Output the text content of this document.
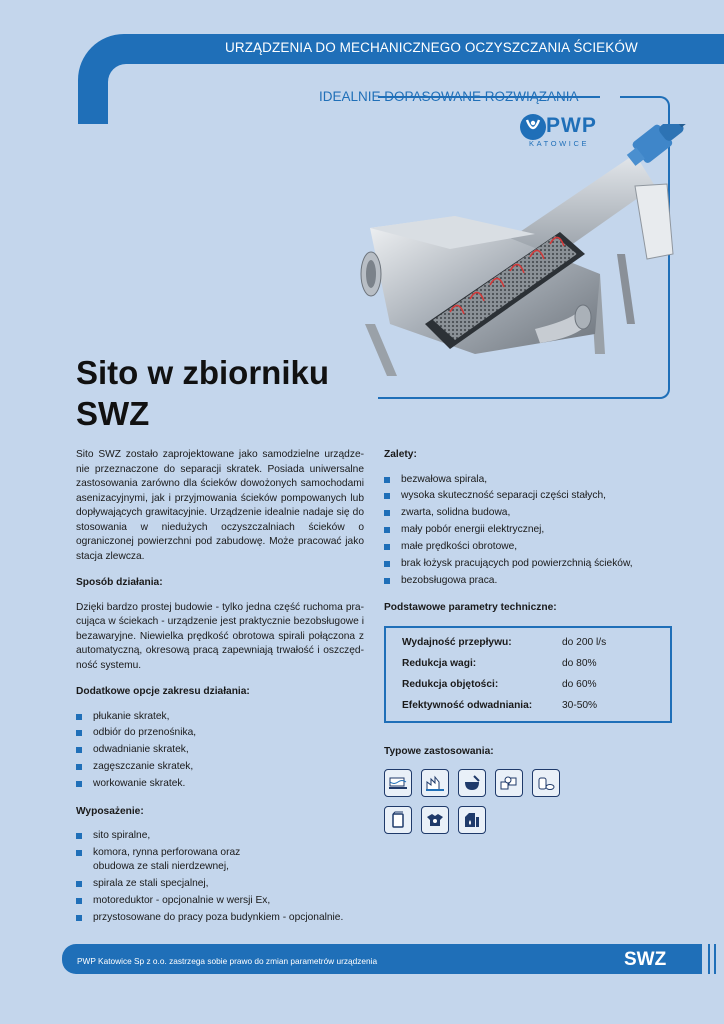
URZĄDZENIA DO MECHANICZNEGO OCZYSZCZANIA ŚCIEKÓW
IDEALNIE DOPASOWANE ROZWIĄZANIA
PWP
KATOWICE
Sito w zbiorniku
SWZ

Sito SWZ zostało zaprojektowane jako samodzielne urządze-nie przeznaczone do separacji skratek. Posiada uniwersalne zastosowania zarówno dla ścieków dowożonych samochodami asenizacyjnymi, jak i przyjmowania ścieków pompowanych lub dopływających grawitacyjnie. Urządzenie idealnie nadaje się do stosowania w niedużych oczyszczalniach ścieków o ograniczonej powierzchni pod zabudowę. Może pracować jako stacja zlewcza.

Sposób działania:

Dzięki bardzo prostej budowie - tylko jedna część ruchoma pra-cująca w ściekach - urządzenie jest praktycznie bezobsługowe i bezawaryjne. Niewielka prędkość obrotowa spirali połączona z automatyczną, okresową pracą zapewniają trwałość i oszczęd-ność systemu.

Dodatkowe opcje zakresu działania:
płukanie skratek,
odbiór do przenośnika,
odwadnianie skratek,
zagęszczanie skratek,
workowanie skratek.
Wyposażenie:
sito spiralne,
komora, rynna perforowana oraz obudowa ze stali nierdzewnej,
spirala ze stali specjalnej,
motoreduktor - opcjonalnie w wersji Ex,
przystosowane do pracy poza budynkiem - opcjonalnie.
Zalety:
bezwałowa spirala,
wysoka skuteczność separacji części stałych,
zwarta, solidna budowa,
mały pobór energii elektrycznej,
małe prędkości obrotowe,
brak łożysk pracujących pod powierzchnią ścieków,
bezobsługowa praca.
Podstawowe parametry techniczne:
Wydajność przepływu:	do 200 l/s
Redukcja wagi:	do 80%
Redukcja objętości:	do 60%
Efektywność odwadniania:	30-50%
Typowe zastosowania:
PWP Katowice Sp z o.o. zastrzega sobie prawo do zmian parametrów urządzenia	SWZ
